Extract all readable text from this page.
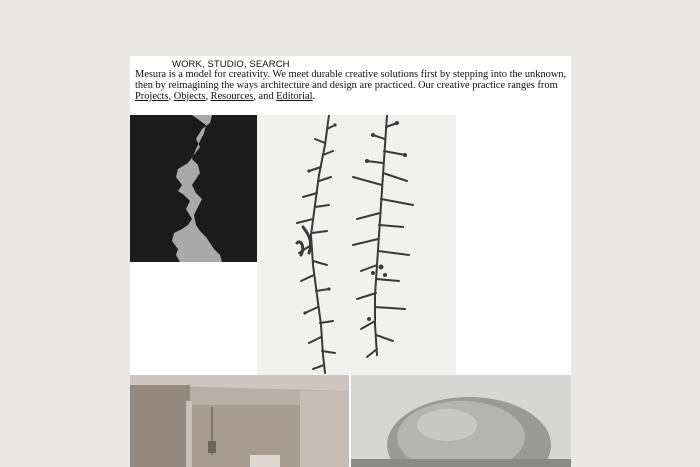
WORK , STUDIO , SEARCH

Mesura is a model for creativity. We meet durable creative solutions first by stepping into the unknown, then by reimagining the ways architecture and design are practiced. Our creative practice ranges from Projects, Objects, Resources, and Editorial.
